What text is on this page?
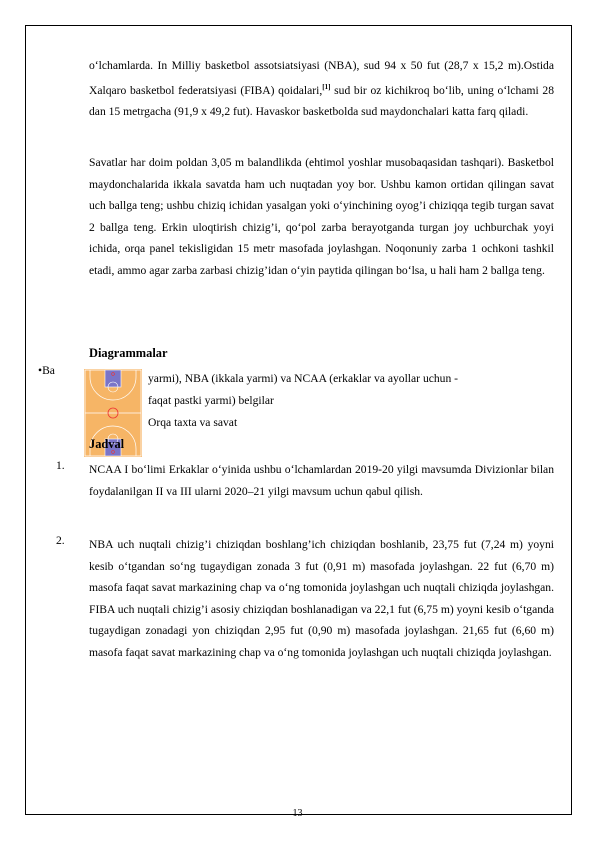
o‘lchamlarda. In Milliy basketbol assotsiatsiyasi (NBA), sud 94 x 50 fut (28,7 x 15,2 m).Ostida Xalqaro basketbol federatsiyasi (FIBA) qoidalari,[1] sud bir oz kichikroq bo‘lib, uning o‘lchami 28 dan 15 metrgacha (91,9 x 49,2 fut). Havaskor basketbolda sud maydonchalari katta farq qiladi.

Savatlar har doim poldan 3,05 m balandlikda (ehtimol yoshlar musobaqasidan tashqari). Basketbol maydonchalarida ikkala savatda ham uch nuqtadan yoy bor. Ushbu kamon ortidan qilingan savat uch ballga teng; ushbu chiziq ichidan yasalgan yoki o‘yinchining oyog’i chiziqqa tegib turgan savat 2 ballga teng. Erkin uloqtirish chizig’i, qo‘pol zarba berayotganda turgan joy uchburchak yoyi ichida, orqa panel tekisligidan 15 metr masofada joylashgan. Noqonuniy zarba 1 ochkoni tashkil etadi, ammo agar zarba zarbasi chizig’idan o‘yin paytida qilingan bo‘lsa, u hali ham 2 ballga teng.

Diagrammalar

•Ba
yarmi), NBA (ikkala yarmi) va NCAA (erkaklar va ayollar uchun -
faqat pastki yarmi) belgilar
Orqa taxta va savat

Jadval

1. NCAA I bo‘limi Erkaklar o‘yinida ushbu o‘lchamlardan 2019-20 yilgi mavsumda Divizionlar bilan foydalanilgan II va III ularni 2020–21 yilgi mavsum uchun qabul qilish.

2. NBA uch nuqtali chizig’i chiziqdan boshlang’ich chiziqdan boshlanib, 23,75 fut (7,24 m) yoyni kesib o‘tgandan so‘ng tugaydigan zonada 3 fut (0,91 m) masofada joylashgan. 22 fut (6,70 m) masofa faqat savat markazining chap va o‘ng tomonida joylashgan uch nuqtali chiziqda joylashgan. FIBA uch nuqtali chizig’i asosiy chiziqdan boshlanadigan va 22,1 fut (6,75 m) yoyni kesib o‘tganda tugaydigan zonadagi yon chiziqdan 2,95 fut (0,90 m) masofada joylashgan. 21,65 fut (6,60 m) masofa faqat savat markazining chap va o‘ng tomonida joylashgan uch nuqtali chiziqda joylashgan.

13
